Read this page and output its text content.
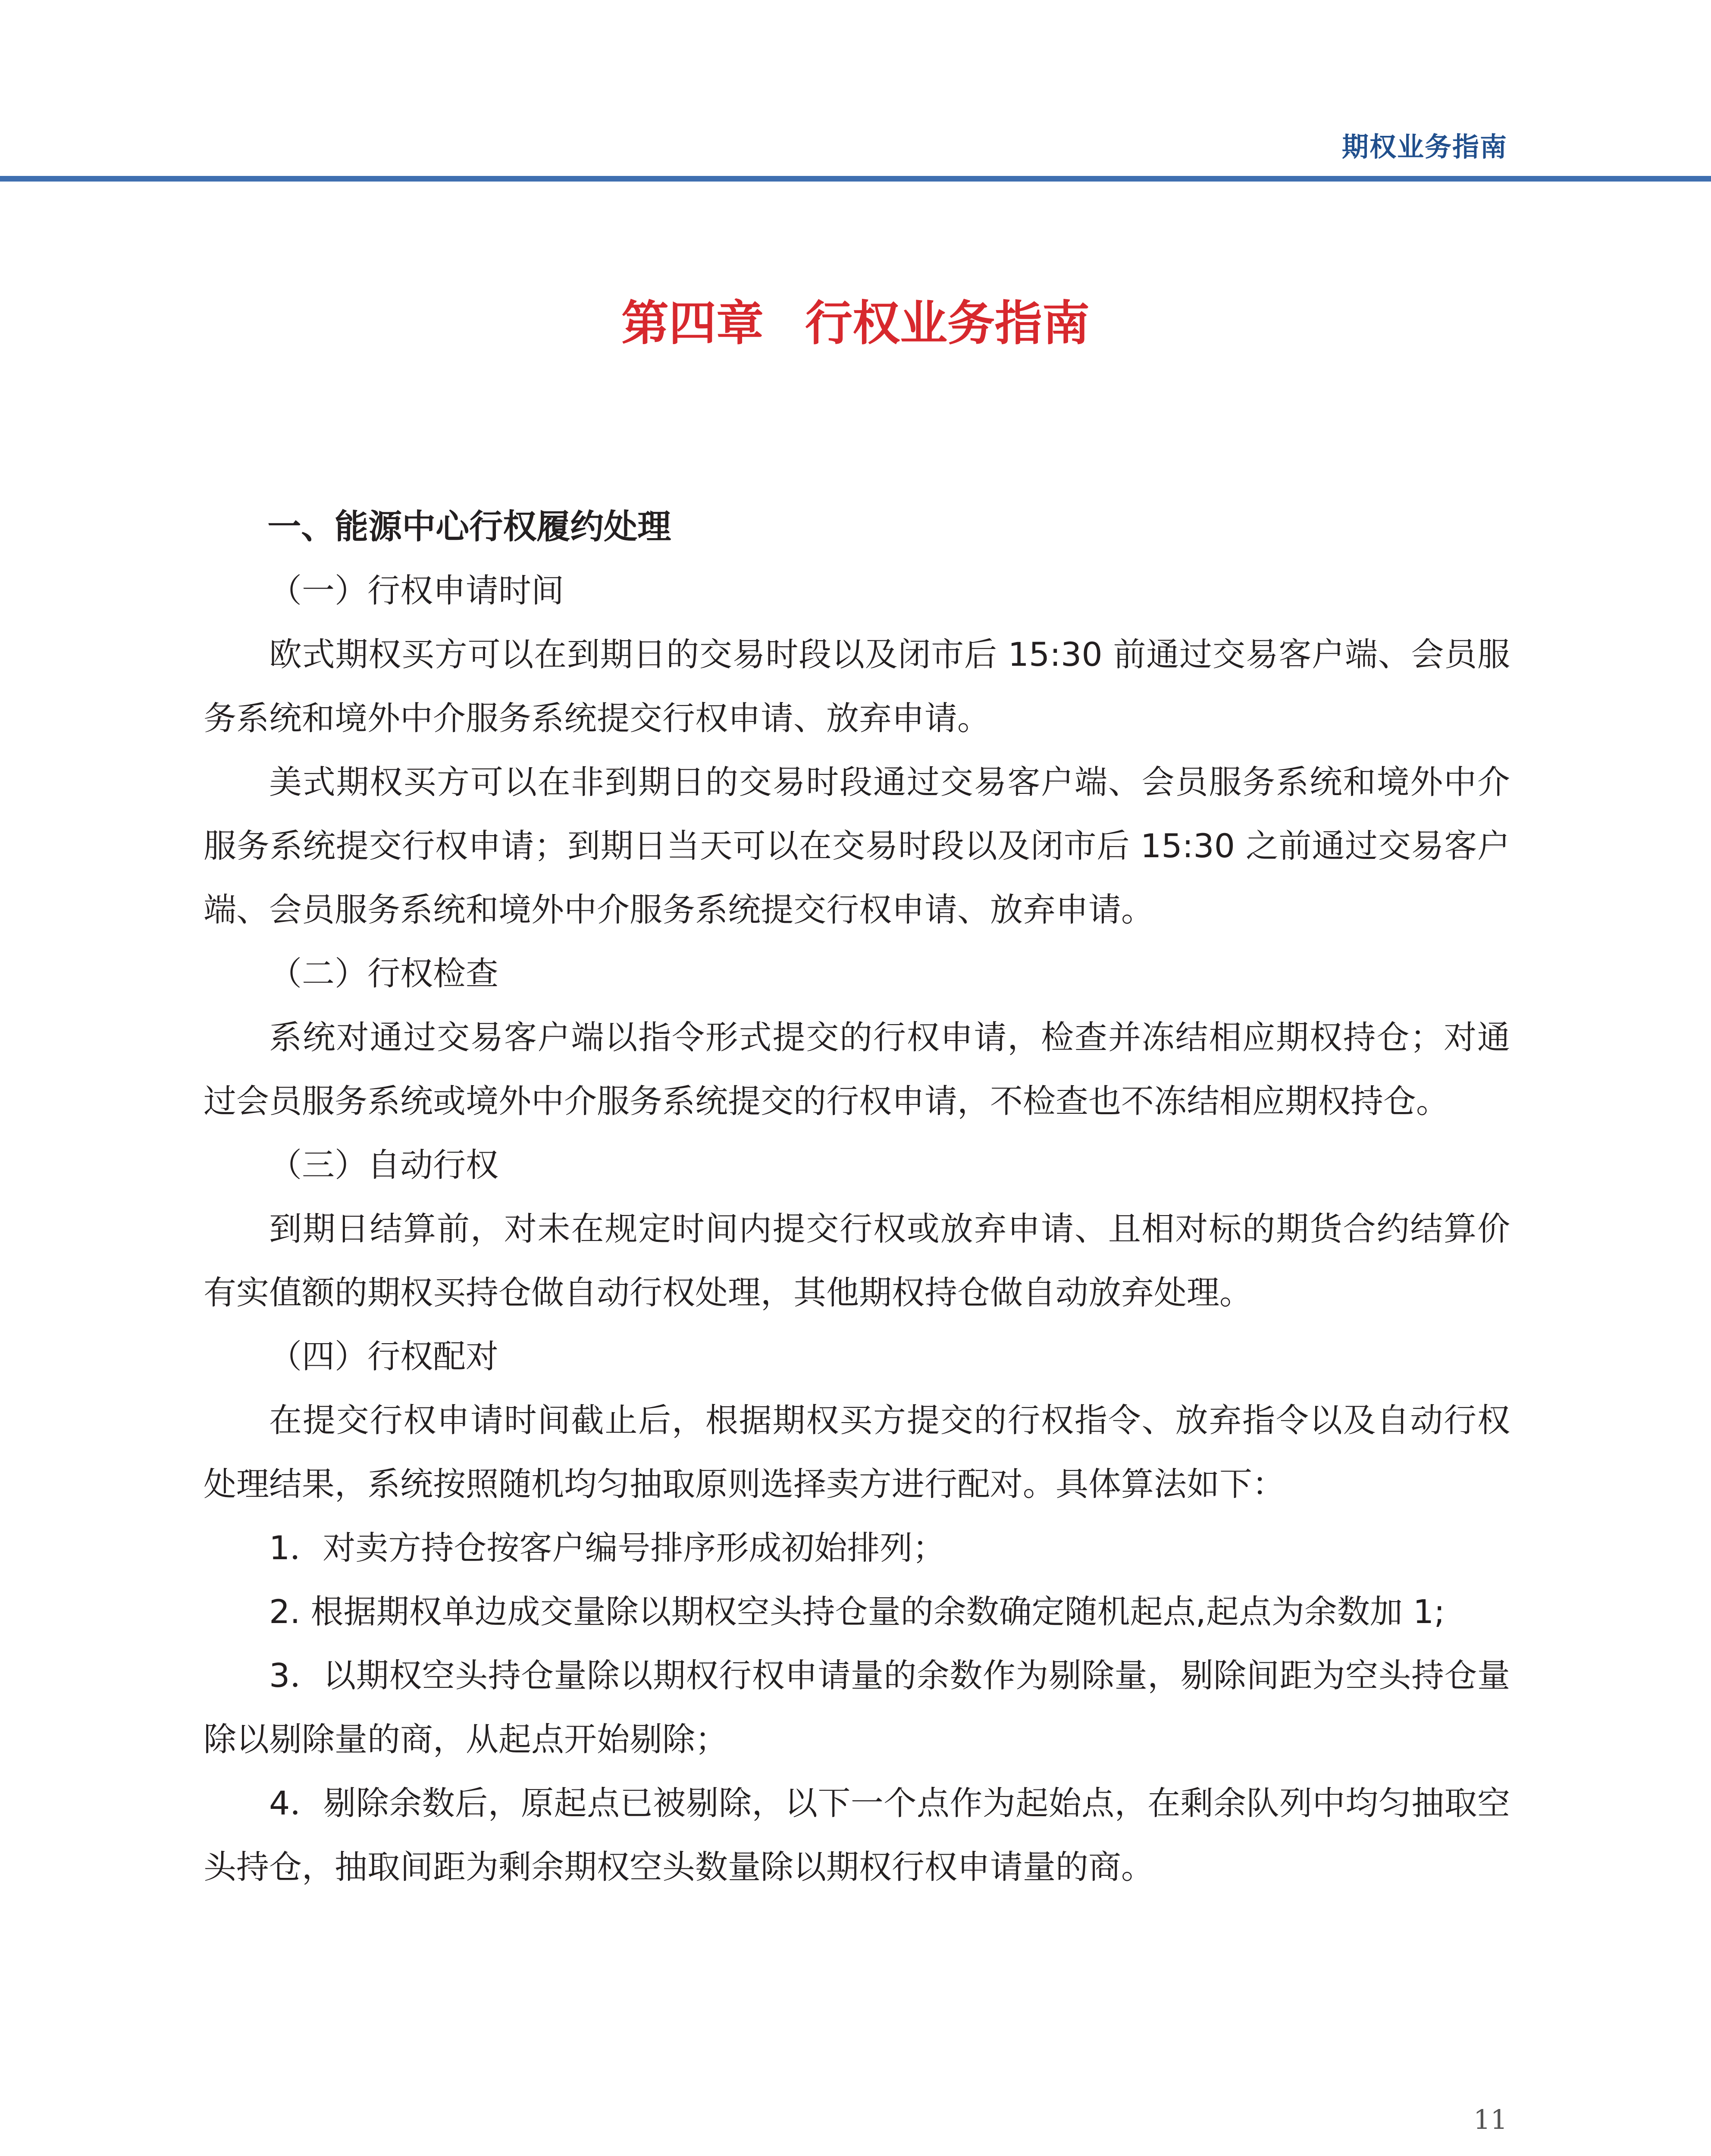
期权业务指南
第四章 行权业务指南

一、能源中心行权履约处理

（一）行权申请时间

欧式期权买方可以在到期日的交易时段以及闭市后 15:30 前通过交易客户端、会员服务系统和境外中介服务系统提交行权申请、放弃申请。

美式期权买方可以在非到期日的交易时段通过交易客户端、会员服务系统和境外中介服务系统提交行权申请；到期日当天可以在交易时段以及闭市后 15:30 之前通过交易客户端、会员服务系统和境外中介服务系统提交行权申请、放弃申请。

（二）行权检查

系统对通过交易客户端以指令形式提交的行权申请，检查并冻结相应期权持仓；对通过会员服务系统或境外中介服务系统提交的行权申请，不检查也不冻结相应期权持仓。

（三）自动行权

到期日结算前，对未在规定时间内提交行权或放弃申请、且相对标的期货合约结算价有实值额的期权买持仓做自动行权处理，其他期权持仓做自动放弃处理。

（四）行权配对

在提交行权申请时间截止后，根据期权买方提交的行权指令、放弃指令以及自动行权处理结果，系统按照随机均匀抽取原则选择卖方进行配对。具体算法如下：

1．对卖方持仓按客户编号排序形成初始排列；

2. 根据期权单边成交量除以期权空头持仓量的余数确定随机起点,起点为余数加 1;

3．以期权空头持仓量除以期权行权申请量的余数作为剔除量，剔除间距为空头持仓量除以剔除量的商，从起点开始剔除；

4．剔除余数后，原起点已被剔除，以下一个点作为起始点，在剩余队列中均匀抽取空头持仓，抽取间距为剩余期权空头数量除以期权行权申请量的商。

11
